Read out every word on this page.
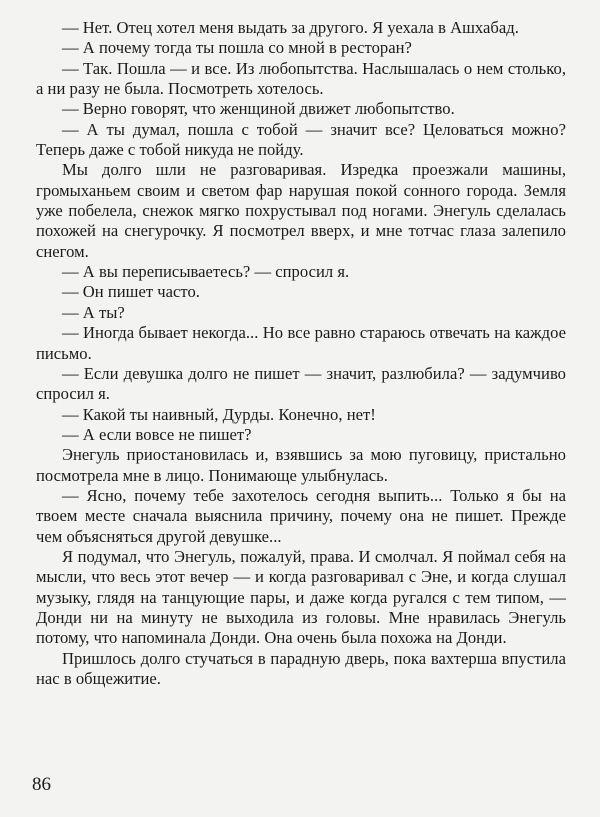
— Нет. Отец хотел меня выдать за другого. Я уехала в Ашхабад.

— А почему тогда ты пошла со мной в ресторан?

— Так. Пошла — и все. Из любопытства. Наслышалась о нем столько, а ни разу не была. Посмотреть хотелось.

— Верно говорят, что женщиной движет любопытство.

— А ты думал, пошла с тобой — значит все? Целоваться можно? Теперь даже с тобой никуда не пойду.

Мы долго шли не разговаривая. Изредка проезжали машины, громыханьем своим и светом фар нарушая покой сонного города. Земля уже побелела, снежок мягко похрустывал под ногами. Энегуль сделалась похожей на снегурочку. Я посмотрел вверх, и мне тотчас глаза залепило снегом.

— А вы переписываетесь? — спросил я.

— Он пишет часто.

— А ты?

— Иногда бывает некогда... Но все равно стараюсь отвечать на каждое письмо.

— Если девушка долго не пишет — значит, разлюбила? — задумчиво спросил я.

— Какой ты наивный, Дурды. Конечно, нет!

— А если вовсе не пишет?

Энегуль приостановилась и, взявшись за мою пуговицу, пристально посмотрела мне в лицо. Понимающе улыбнулась.

— Ясно, почему тебе захотелось сегодня выпить... Только я бы на твоем месте сначала выяснила причину, почему она не пишет. Прежде чем объясняться другой девушке...

Я подумал, что Энегуль, пожалуй, права. И смолчал. Я поймал себя на мысли, что весь этот вечер — и когда разговаривал с Эне, и когда слушал музыку, глядя на танцующие пары, и даже когда ругался с тем типом, — Донди ни на минуту не выходила из головы. Мне нравилась Энегуль потому, что напоминала Донди. Она очень была похожа на Донди.

Пришлось долго стучаться в парадную дверь, пока вахтерша впустила нас в общежитие.

86
